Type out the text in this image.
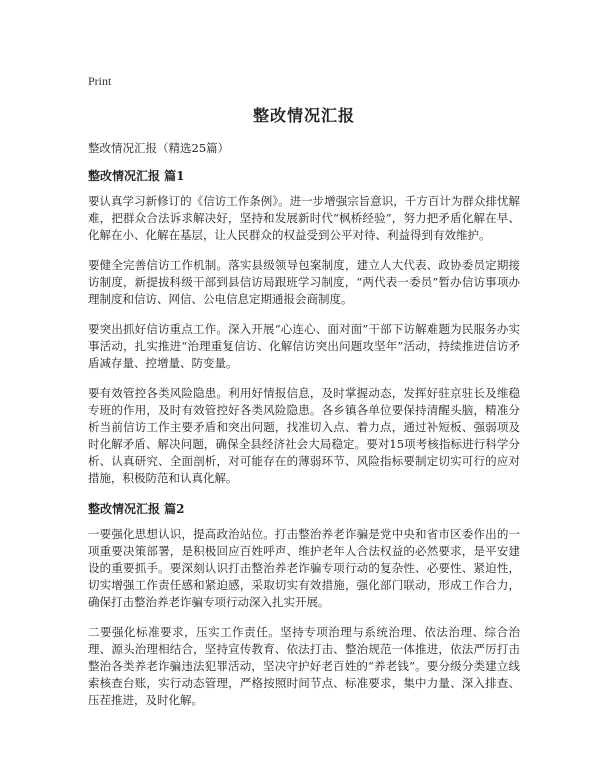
Print
整改情况汇报
整改情况汇报（精选25篇）
整改情况汇报 篇1

要认真学习新修订的《信访工作条例》。进一步增强宗旨意识，千方百计为群众排忧解难，把群众合法诉求解决好，坚持和发展新时代“枫桥经验”，努力把矛盾化解在早、化解在小、化解在基层，让人民群众的权益受到公平对待、利益得到有效维护。

要健全完善信访工作机制。落实县级领导包案制度，建立人大代表、政协委员定期接访制度，新提拔科级干部到县信访局跟班学习制度，“两代表一委员”暂办信访事项办理制度和信访、网信、公电信息定期通报会商制度。

要突出抓好信访重点工作。深入开展“心连心、面对面”干部下访解难题为民服务办实事活动，扎实推进“治理重复信访、化解信访突出问题攻坚年”活动，持续推进信访矛盾减存量、控增量、防变量。

要有效管控各类风险隐患。利用好情报信息，及时掌握动态，发挥好驻京驻长及维稳专班的作用，及时有效管控好各类风险隐患。各乡镇各单位要保持清醒头脑，精准分析当前信访工作主要矛盾和突出问题，找准切入点、着力点，通过补短板、强弱项及时化解矛盾、解决问题，确保全县经济社会大局稳定。要对15项考核指标进行科学分析、认真研究、全面剖析，对可能存在的薄弱环节、风险指标要制定切实可行的应对措施，积极防范和认真化解。

整改情况汇报 篇2

一要强化思想认识，提高政治站位。打击整治养老诈骗是党中央和省市区委作出的一项重要决策部署，是积极回应百姓呼声、维护老年人合法权益的必然要求，是平安建设的重要抓手。要深刻认识打击整治养老诈骗专项行动的复杂性、必要性、紧迫性，切实增强工作责任感和紧迫感，采取切实有效措施，强化部门联动，形成工作合力，确保打击整治养老诈骗专项行动深入扎实开展。

二要强化标准要求，压实工作责任。坚持专项治理与系统治理、依法治理、综合治理、源头治理相结合，坚持宣传教育、依法打击、整治规范一体推进，依法严厉打击整治各类养老诈骗违法犯罪活动，坚决守护好老百姓的“养老钱”。要分级分类建立线索核查台账，实行动态管理，严格按照时间节点、标准要求，集中力量、深入排查、压茬推进，及时化解。
